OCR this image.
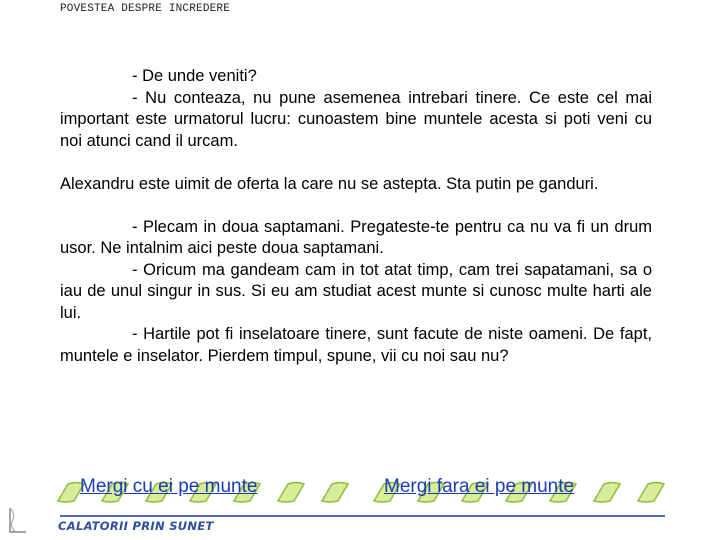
POVESTEA DESPRE INCREDERE

- De unde veniti?

- Nu conteaza, nu pune asemenea intrebari tinere. Ce este cel mai important este urmatorul lucru: cunoastem bine muntele acesta si poti veni cu noi atunci cand il urcam.

Alexandru este uimit de oferta la care nu se astepta. Sta putin pe ganduri.

- Plecam in doua saptamani. Pregateste-te pentru ca nu va fi un drum usor. Ne intalnim aici peste doua saptamani.

- Oricum ma gandeam cam in tot atat timp, cam trei sapatamani, sa o iau de unul singur in sus. Si eu am studiat acest munte si cunosc multe harti ale lui.

- Hartile pot fi inselatoare tinere, sunt facute de niste oameni. De fapt, muntele e inselator. Pierdem timpul, spune, vii cu noi sau nu?

Mergi cu ei pe munte	Mergi fara ei pe munte
CALATORII PRIN SUNET
